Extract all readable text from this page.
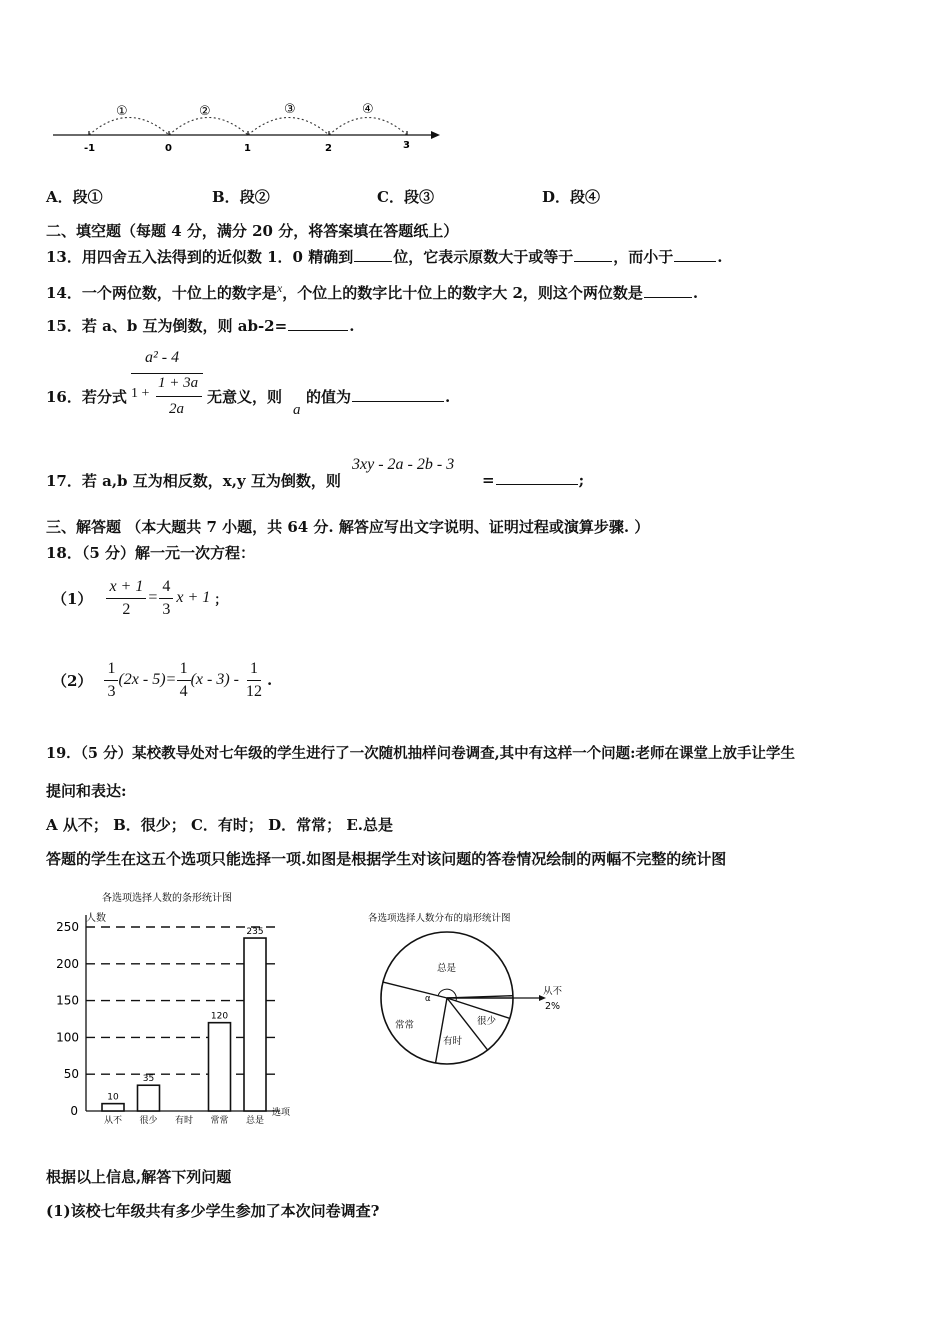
-1	0	1	2	3
①	②	③	④
A．段①	B．段②	C．段③	D．段④
二、填空题（每题 4 分，满分 20 分，将答案填在答题纸上）
13．用四舍五入法得到的近似数 1．0 精确到	位，它表示原数大于或等于	，而小于	.
14．一个两位数，十位上的数字是$^x$，个位上的数字比十位上的数字大 2，则这个两位数是	.
15．若 a、b 互为倒数，则 ab-2=	.
16．若分式
a² - 4
1 +
1 + 3a
2a
无意义，则
a
的值为	.
17．若 a,b 互为相反数，x,y 互为倒数，则
3xy - 2a - 2b - 3
=	;
三、解答题 （本大题共 7 小题，共 64 分. 解答应写出文字说明、证明过程或演算步骤. ）
18．（5 分）解一元一次方程：
$(1) \frac{x + 1}{2} = \frac{4}{3}$ x + 1 ；
$(2) \frac{1}{3} (2x - 5) = \frac{1}{4} (x - 3) - \frac{1}{12}$ .
19．（5 分）某校教导处对七年级的学生进行了一次随机抽样问卷调查,其中有这样一个问题:老师在课堂上放手让学生
提问和表达:
A 从不； B．很少； C．有时； D．常常； E.总是
答题的学生在这五个选项只能选择一项.如图是根据学生对该问题的答卷情况绘制的两幅不完整的统计图
各选项选择人数的条形统计图
人数
0
50
100
150
200
250
10
从不
35
很少 有时
120
常常
235
总是
选项
各选项选择人数分布的扇形统计图
总是
从不
2%
很少
有时
常常
α
根据以上信息,解答下列问题
(1)该校七年级共有多少学生参加了本次问卷调查?
